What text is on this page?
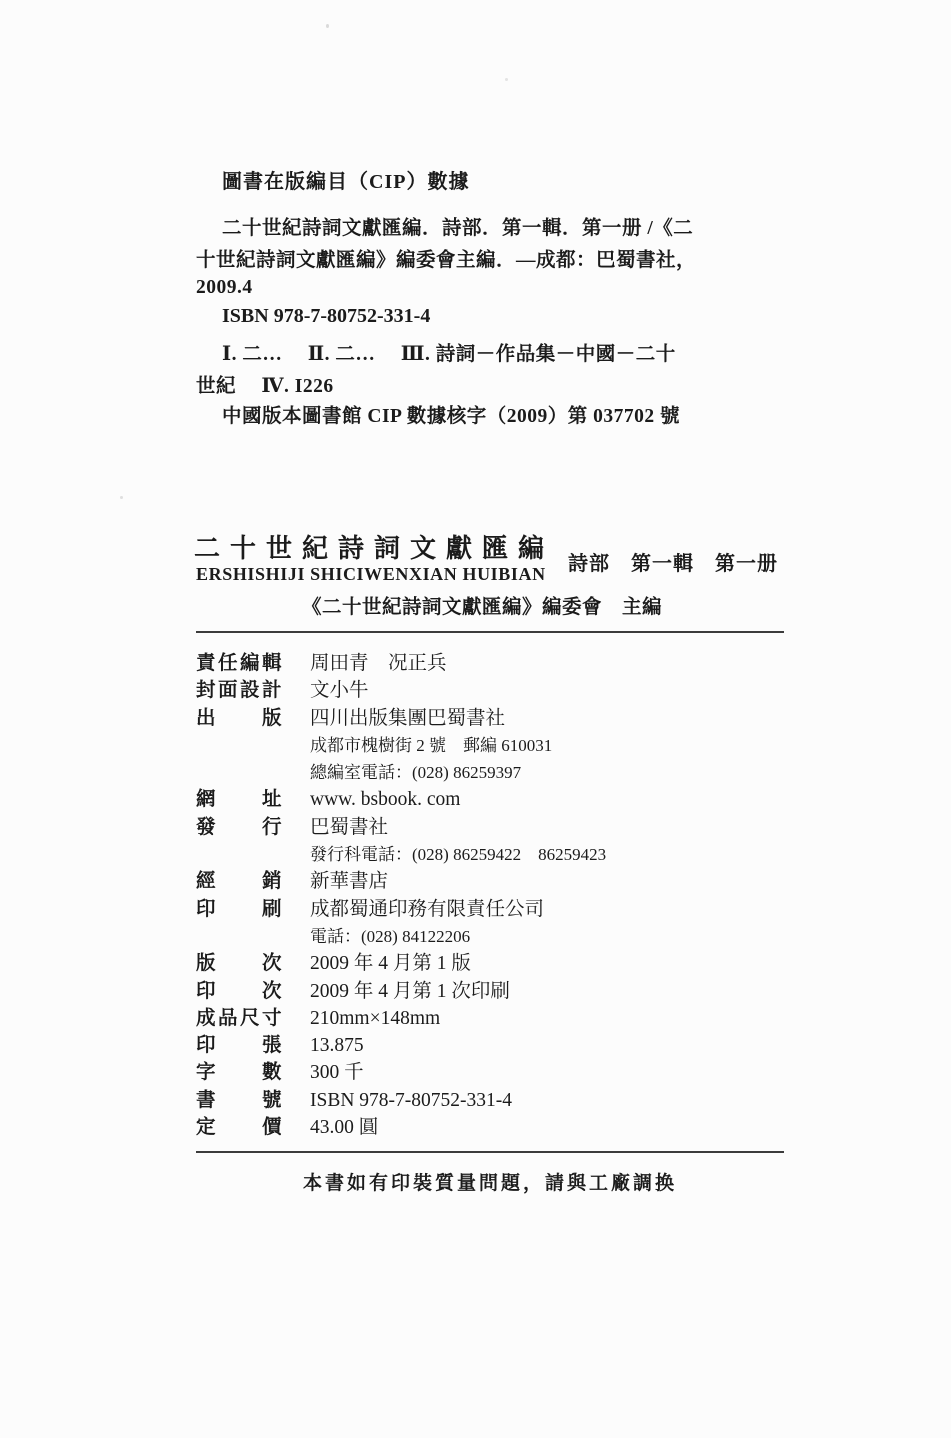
圖書在版編目（CIP）數據
二十世紀詩詞文獻匯編．詩部．第一輯．第一册 /《二
十世紀詩詞文獻匯編》編委會主編．—成都：巴蜀書社，
2009.4
ISBN 978-7-80752-331-4
Ⅰ. 二…　 Ⅱ. 二…　 Ⅲ. 詩詞－作品集－中國－二十
世紀　 Ⅳ. I226
中國版本圖書館 CIP 數據核字（2009）第 037702 號
二十世紀詩詞文獻匯編
ERSHISHIJI SHICIWENXIAN HUIBIAN 詩部　第一輯　第一册
《二十世紀詩詞文獻匯編》編委會　主編
責任編輯 周田青　况正兵
封面設計 文小牛
出版 四川出版集團巴蜀書社
成都市槐樹街 2 號　郵編 610031
總編室電話：(028) 86259397
網址 www. bsbook. com
發行 巴蜀書社
發行科電話：(028) 86259422　86259423
經銷 新華書店
印刷 成都蜀通印務有限責任公司
電話：(028) 84122206
版次 2009 年 4 月第 1 版
印次 2009 年 4 月第 1 次印刷
成品尺寸 210mm×148mm
印張 13.875
字數 300 千
書號 ISBN 978-7-80752-331-4
定價 43.00 圓
本書如有印裝質量問題，請與工廠調换
